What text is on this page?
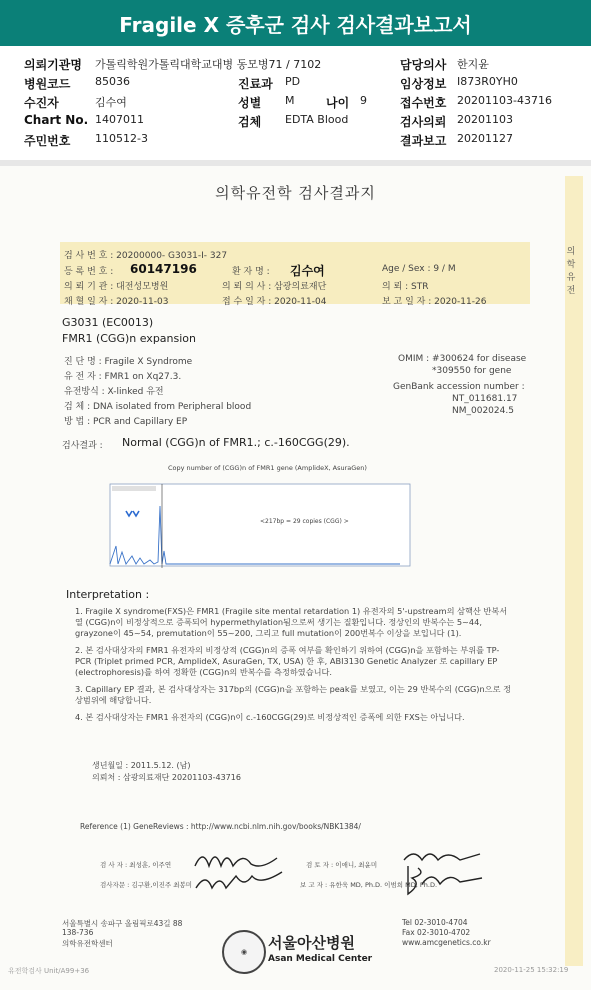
Fragile X 증후군 검사 검사결과보고서
의뢰기관명 가톨릭학원가톨릭대학교대병 동모병71 / 7102	담당의사 한지윤
병원코드 85036	진료과 PD	임상정보 I873R0YH0
수진자	김수여	성별 M	나이 9	접수번호 20201103-43716
Chart No. 1407011	검체 EDTA Blood	검사의뢰 20201103
주민번호 110512-3	결과보고 20201127
의학유전학 검사결과지
의 학 유 전
검 사 번 호 : 20200000- G3031-I- 327
등 록 번 호 : 60147196	환 자 명 : 김수여	Age / Sex : 9 / M
의 뢰 기 관 : 대전성모병원	의 뢰 의 사 : 삼광의료재단	의 뢰 : STR
채 혈 일 자 : 2020-11-03	접 수 일 자 : 2020-11-04	보 고 일 자 : 2020-11-26
G3031 (EC0013)
FMR1 (CGG)n expansion
진 단 명 : Fragile X Syndrome
유 전 자 : FMR1 on Xq27.3.
유전방식 : X-linked 유전
검 체 : DNA isolated from Peripheral blood
방 법 : PCR and Capillary EP
OMIM : #300624 for disease
*309550 for gene
GenBank accession number :
NT_011681.17
NM_002024.5
검사결과 : Normal (CGG)n of FMR1.; c.-160CGG(29).
Copy number of (CGG)n of FMR1 gene (AmplideX, AsuraGen)
<217bp = 29 copies (CGG) >
Interpretation :

1. Fragile X syndrome(FXS)은 FMR1 (Fragile site mental retardation 1) 유전자의 5'-upstream의 삼핵산 반복서열 (CGG)n이 비정상적으로 증폭되어 hypermethylation됨으로써 생기는 질환입니다. 정상인의 반복수는 5~44, grayzone이 45~54, premutation이 55~200, 그리고 full mutation이 200번복수 이상을 보입니다 (1).

2. 본 검사대상자의 FMR1 유전자의 비정상적 (CGG)n의 증폭 여부를 확인하기 위하여 (CGG)n을 포함하는 부위를 TP-PCR (Triplet primed PCR, AmplideX, AsuraGen, TX, USA) 한 후, ABI3130 Genetic Analyzer 로 capillary EP (electrophoresis)를 하여 정확한 (CGG)n의 반복수를 측정하였습니다.

3. Capillary EP 결과, 본 검사대상자는 317bp의 (CGG)n을 포함하는 peak를 보였고, 이는 29 반복수의 (CGG)n으로 정상범위에 해당합니다.

4. 본 검사대상자는 FMR1 유전자의 (CGG)n이 c.-160CGG(29)로 비정상적인 증폭에 의한 FXS는 아닙니다.

생년월일 : 2011.5.12. (남)
의뢰처 : 삼광의료재단 20201103-43716
Reference (1) GeneReviews : http://www.ncbi.nlm.nih.gov/books/NBK1384/
검 사 자 : 최성훈, 이주연	검 토 자 : 이애니, 최윤미
검사자문 : 김구환,이진주 최봉미	보 고 자 : 유한욱 MD, Ph.D. 이범희 MD, Ph.D.
서울특별시 송파구 올림픽로43길 88
138-736
의학유전학센터
Tel 02-3010-4704
Fax 02-3010-4702
www.amcgenetics.co.kr
◉	서울아산병원
Asan Medical Center
유전학검사 Unit/A99+36	2020-11-25 15:32:19
